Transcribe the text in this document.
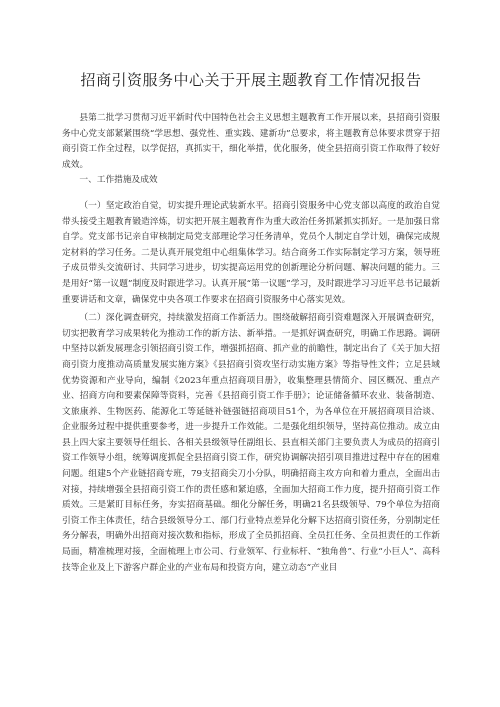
招商引资服务中心关于开展主题教育工作情况报告

县第二批学习贯彻习近平新时代中国特色社会主义思想主题教育工作开展以来，县招商引资服务中心党支部紧紧围绕“学思想、强党性、重实践、建新功”总要求，将主题教育总体要求贯穿于招商引资工作全过程，以学促招，真抓实干，细化举措，优化服务，使全县招商引资工作取得了较好成效。

一、工作措施及成效

（一）坚定政治自觉，切实提升理论武装新水平。招商引资服务中心党支部以高度的政治自觉带头接受主题教育锻造淬炼，切实把开展主题教育作为重大政治任务抓紧抓实抓好。一是加强日常自学。党支部书记亲自审核制定局党支部理论学习任务清单，党员个人制定自学计划，确保完成规定材料的学习任务。二是认真开展党组中心组集体学习。结合商务工作实际制定学习方案，领导班子成员带头交流研讨、共同学习进步，切实提高运用党的创新理论分析问题、解决问题的能力。三是用好“第一议题”制度及时跟进学习。认真开展“第一议题”学习，及时跟进学习习近平总书记最新重要讲话和文章，确保党中央各项工作要求在招商引资服务中心落实见效。

（二）深化调查研究，持续激发招商工作新活力。围绕破解招商引资难题深入开展调查研究，切实把教育学习成果转化为推动工作的新方法、新举措。一是抓好调查研究，明确工作思路。调研中坚持以新发展理念引领招商引资工作，增强抓招商、抓产业的前瞻性，制定出台了《关于加大招商引资力度推动高质量发展实施方案》《县招商引资攻坚行动实施方案》等指导性文件；立足县域优势资源和产业导向，编制《2023年重点招商项目册》，收集整理县情简介、园区概况、重点产业、招商方向和要素保障等资料，完善《县招商引资工作手册》；论证储备循环农业、装备制造、文旅康养、生物医药、能源化工等延链补链强链招商项目51个，为各单位在开展招商项目洽谈、企业服务过程中提供重要参考，进一步提升工作效能。二是强化组织领导，坚持高位推动。成立由县上四大家主要领导任组长、各相关县级领导任副组长、县直相关部门主要负责人为成员的招商引资工作领导小组，统筹调度抓促全县招商引资工作，研究协调解决招引项目推进过程中存在的困难问题。组建5个产业链招商专班，79支招商尖刀小分队，明确招商主攻方向和着力重点，全面出击对接，持续增强全县招商引资工作的责任感和紧迫感，全面加大招商工作力度，提升招商引资工作质效。三是紧盯目标任务，夯实招商基础。细化分解任务，明确21名县级领导、79个单位为招商引资工作主体责任，结合县级领导分工、部门行业特点差异化分解下达招商引资任务，分别制定任务分解表，明确外出招商对接次数和指标，形成了全员抓招商、全员扛任务、全员担责任的工作新局面，精准梳理对接，全面梳理上市公司、行业领军、行业标杆、“独角兽”、行业“小巨人”、高科技等企业及上下游客户群企业的产业布局和投资方向，建立动态“产业目
